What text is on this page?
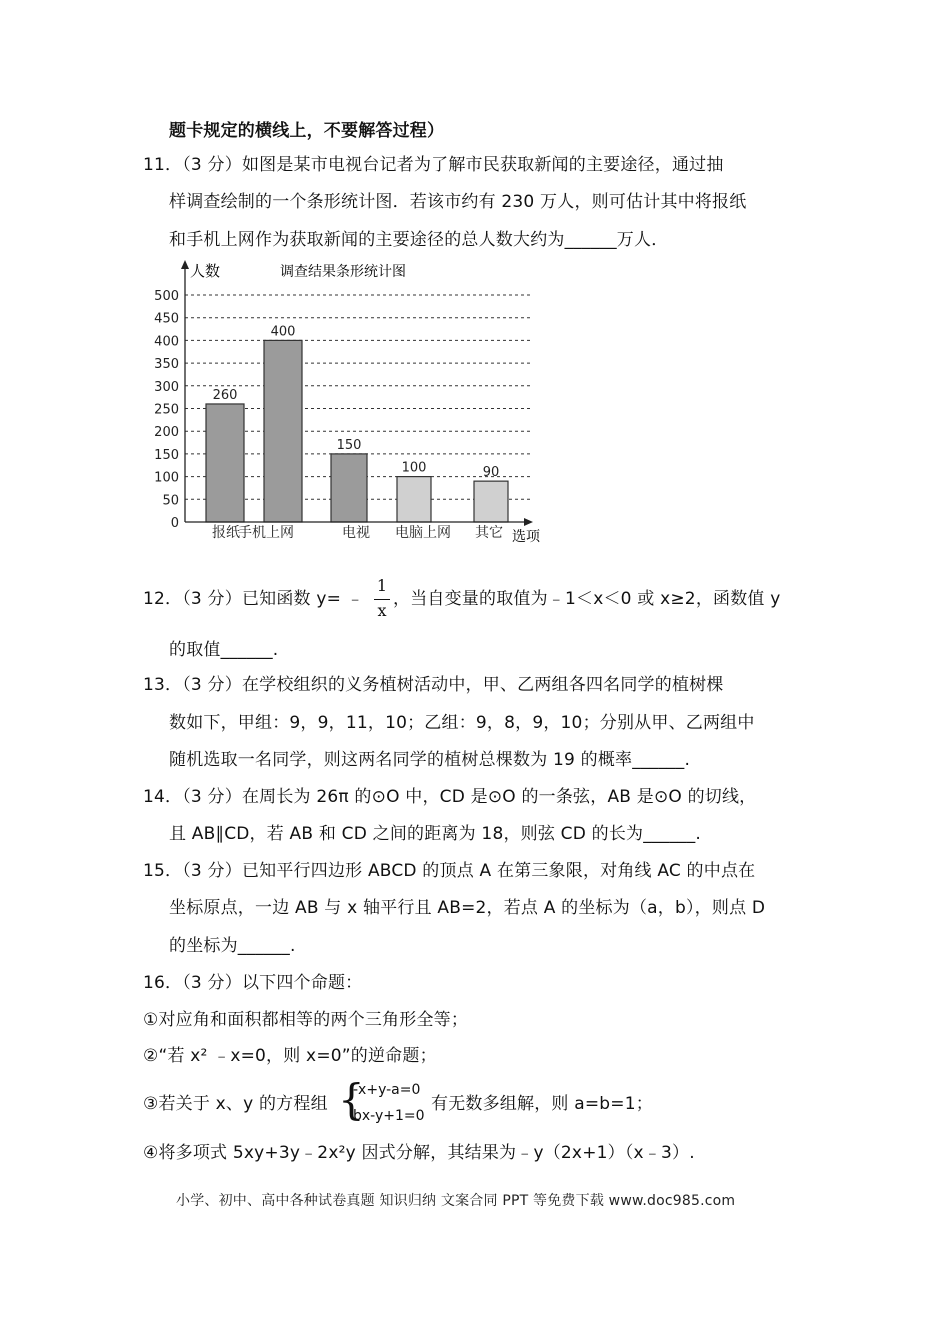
题卡规定的横线上，不要解答过程）
11．（3 分）如图是某市电视台记者为了解市民获取新闻的主要途径，通过抽
样调查绘制的一个条形统计图．若该市约有 230 万人，则可估计其中将报纸
和手机上网作为获取新闻的主要途径的总人数大约为______万人．
人数	调查结果条形统计图
选项
0
50
100
150
200
250
300
350
400
450
500
260
报纸
400
手机上网
150
电视
100
电脑上网
90
其它
12．（3 分）已知函数 y= ﹣
1
x
，当自变量的取值为﹣1＜x＜0 或 x≥2，函数值 y
的取值______.
13．（3 分）在学校组织的义务植树活动中，甲、乙两组各四名同学的植树棵
数如下，甲组：9，9，11，10；乙组：9，8，9，10；分别从甲、乙两组中
随机选取一名同学，则这两名同学的植树总棵数为 19 的概率______.
14．（3 分）在周长为 26π 的⊙O 中，CD 是⊙O 的一条弦，AB 是⊙O 的切线，
且 AB∥CD，若 AB 和 CD 之间的距离为 18，则弦 CD 的长为______.
15．（3 分）已知平行四边形 ABCD 的顶点 A 在第三象限，对角线 AC 的中点在
坐标原点，一边 AB 与 x 轴平行且 AB=2，若点 A 的坐标为（a，b），则点 D
的坐标为______.
16．（3 分）以下四个命题：
①对应角和面积都相等的两个三角形全等；
②“若 x² ﹣x=0，则 x=0”的逆命题；
③若关于 x、y 的方程组 {
-x+y-a=0
bx-y+1=0
有无数多组解，则 a=b=1；
④将多项式 5xy+3y﹣2x²y 因式分解，其结果为﹣y（2x+1）（x﹣3）.
小学、初中、高中各种试卷真题 知识归纳 文案合同 PPT 等免费下载 www.doc985.com
